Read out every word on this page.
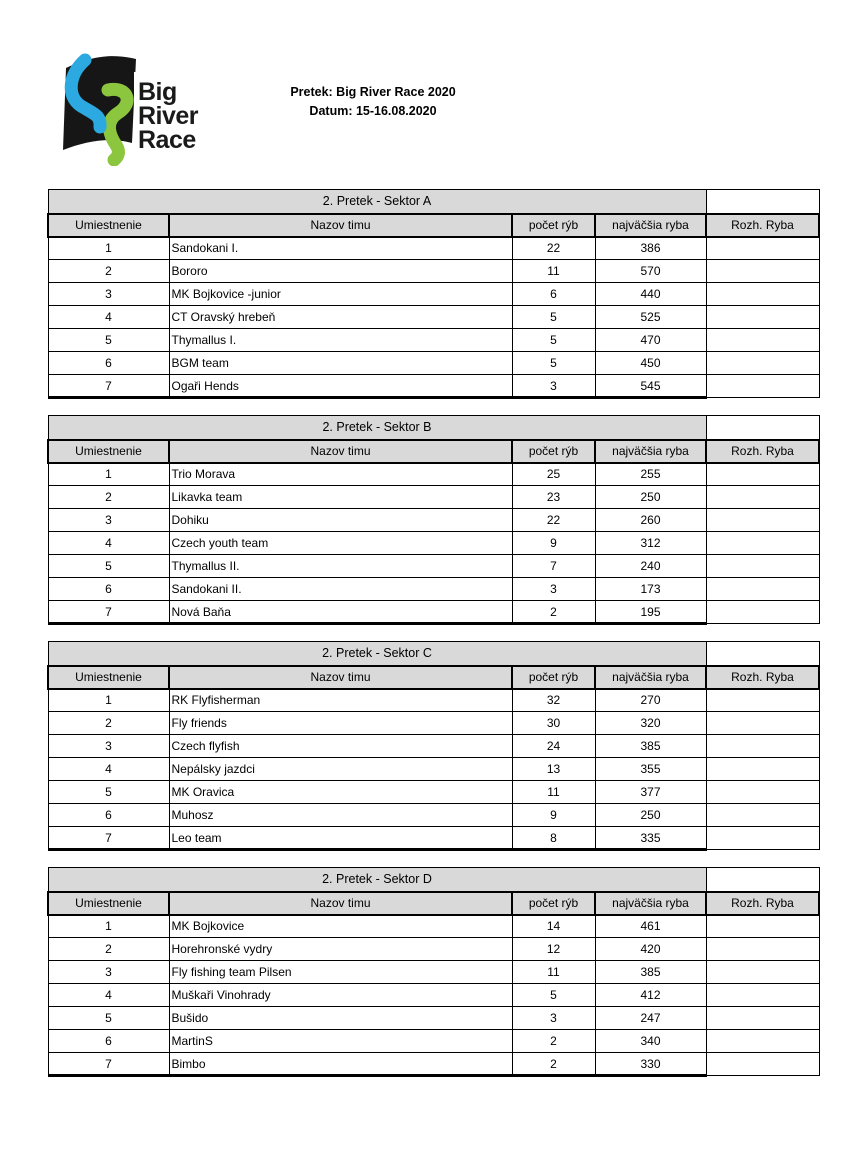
Big
River
Race
Pretek: Big River Race 2020
Datum: 15-16.08.2020
2. Pretek - Sektor A				
Umiestnenie	Nazov timu	počet rýb	najväčšia ryba	Rozh. Ryba
1	Sandokani I.	22	386	
2	Bororo	11	570	
3	MK Bojkovice -junior	6	440	
4	CT Oravský hrebeň	5	525	
5	Thymallus I.	5	470	
6	BGM team	5	450	
7	Ogaři Hends	3	545	
2. Pretek - Sektor B				
Umiestnenie	Nazov timu	počet rýb	najväčšia ryba	Rozh. Ryba
1	Trio Morava	25	255	
2	Likavka team	23	250	
3	Dohiku	22	260	
4	Czech youth team	9	312	
5	Thymallus II.	7	240	
6	Sandokani II.	3	173	
7	Nová Baňa	2	195	
2. Pretek - Sektor C				
Umiestnenie	Nazov timu	počet rýb	najväčšia ryba	Rozh. Ryba
1	RK Flyfisherman	32	270	
2	Fly friends	30	320	
3	Czech flyfish	24	385	
4	Nepálsky jazdci	13	355	
5	MK Oravica	11	377	
6	Muhosz	9	250	
7	Leo team	8	335	
2. Pretek - Sektor D				
Umiestnenie	Nazov timu	počet rýb	najväčšia ryba	Rozh. Ryba
1	MK Bojkovice	14	461	
2	Horehronské vydry	12	420	
3	Fly fishing team Pilsen	11	385	
4	Muškaři Vinohrady	5	412	
5	Bušido	3	247	
6	MartinS	2	340	
7	Bimbo	2	330	
